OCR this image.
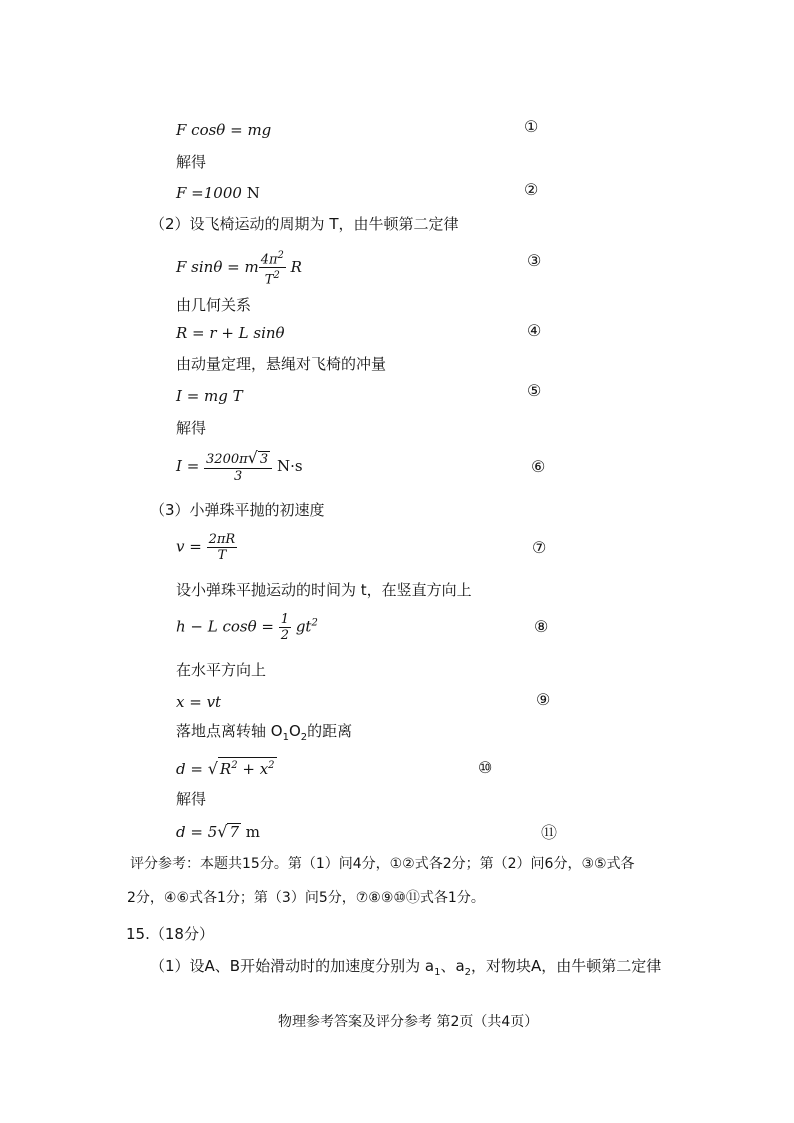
F cosθ = mg	①
解得
F =1000 N	②
（2）设飞椅运动的周期为 T，由牛顿第二定律
F sinθ = m $\frac{4\pi^2}{T^2}$ R	③
由几何关系
R = r + L sinθ	④
由动量定理，悬绳对飞椅的冲量
I = mg T	⑤
解得
$I = \frac{3200\pi√ 3}{3} N\cdot s$	⑥
（3）小弹珠平抛的初速度
$v = \frac{2\pi R}{T}$	⑦
设小弹珠平抛运动的时间为 t，在竖直方向上
h − L $\cos\theta = \frac{1}{2} gt^2$	⑧
在水平方向上
x = vt	⑨
落地点离转轴 $O_1O_2$的距离
d = √ $R^2 + x^2$	⑩
解得
d = 5√ 7 m	⑪
评分参考：本题共15分。第（1）问4分，①②式各2分；第（2）问6分，③⑤式各
2分，④⑥式各1分；第（3）问5分，⑦⑧⑨⑩⑪式各1分。
15.（18分）
（1）设A、B开始滑动时的加速度分别为 $a_1$、$a_2$，对物块A，由牛顿第二定律
物理参考答案及评分参考 第2页（共4页）
